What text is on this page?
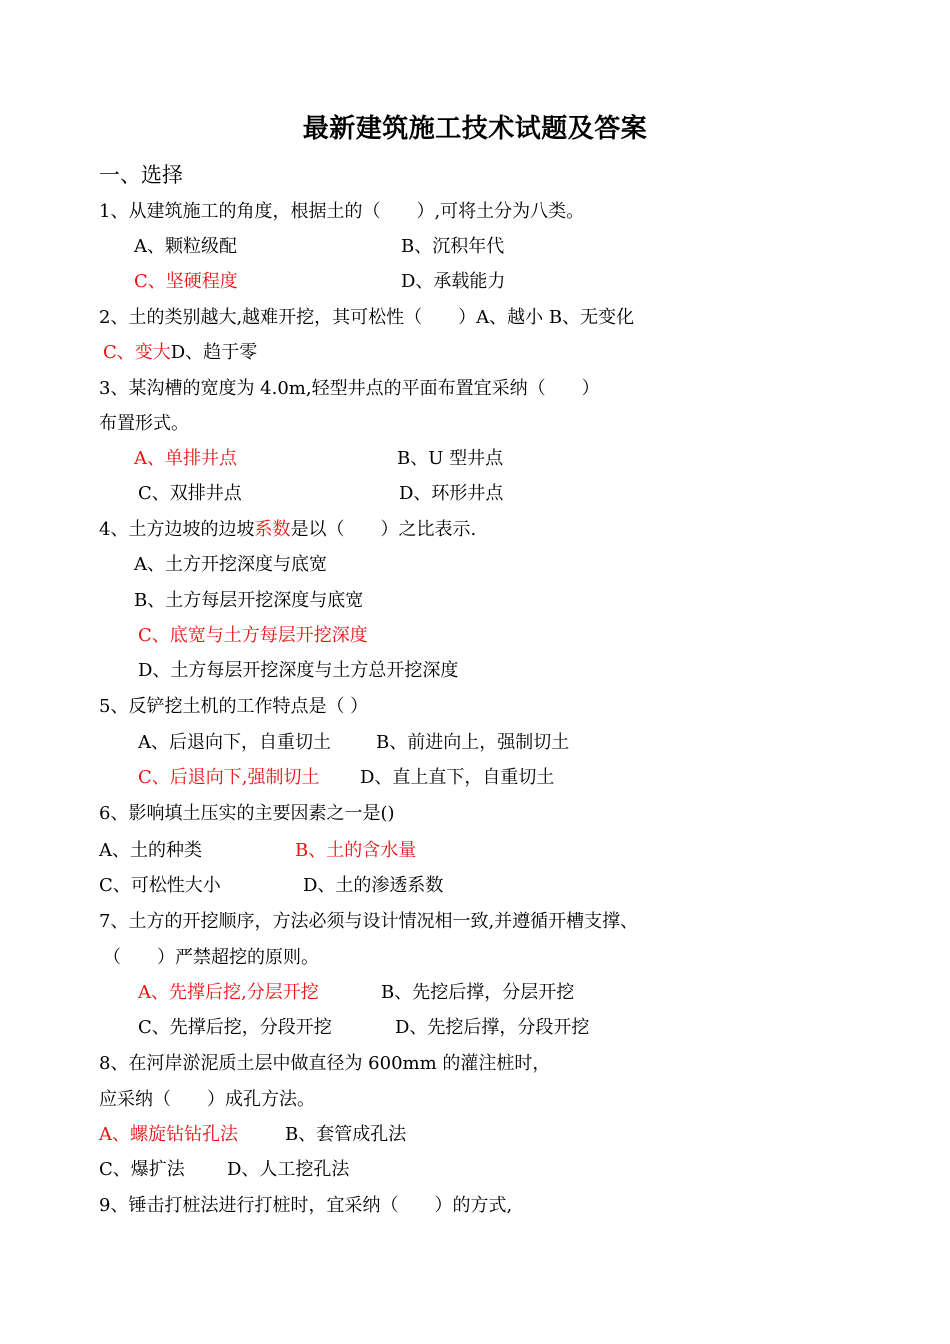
最新建筑施工技术试题及答案
一、选择
1、从建筑施工的角度，根据土的（　　）,可将土分为八类。
A、颗粒级配	B、沉积年代
C、坚硬程度	D、承载能力
2、土的类别越大,越难开挖，其可松性（　　）A、越小 B、无变化
C、变大D、趋于零
3、某沟槽的宽度为 4.0m,轻型井点的平面布置宜采纳（　　）
布置形式。
A、单排井点	B、U 型井点
C、双排井点	D、环形井点
4、土方边坡的边坡系数是以（　　）之比表示.
A、土方开挖深度与底宽
B、土方每层开挖深度与底宽
C、底宽与土方每层开挖深度
D、土方每层开挖深度与土方总开挖深度
5、反铲挖土机的工作特点是（ ）
A、后退向下，自重切土	B、前进向上，强制切土
C、后退向下,强制切土 D、直上直下，自重切土
6、影响填土压实的主要因素之一是()
A、土的种类	B、土的含水量
C、可松性大小	D、土的渗透系数
7、土方的开挖顺序，方法必须与设计情况相一致,并遵循开槽支撑、
（　　）严禁超挖的原则。
A、先撑后挖,分层开挖	B、先挖后撑，分层开挖
C、先撑后挖，分段开挖	D、先挖后撑，分段开挖
8、在河岸淤泥质土层中做直径为 600mm 的灌注桩时，
应采纳（　　）成孔方法。
A、螺旋钻钻孔法	B、套管成孔法
C、爆扩法 D、人工挖孔法
9、锤击打桩法进行打桩时，宜采纳（　　）的方式,
